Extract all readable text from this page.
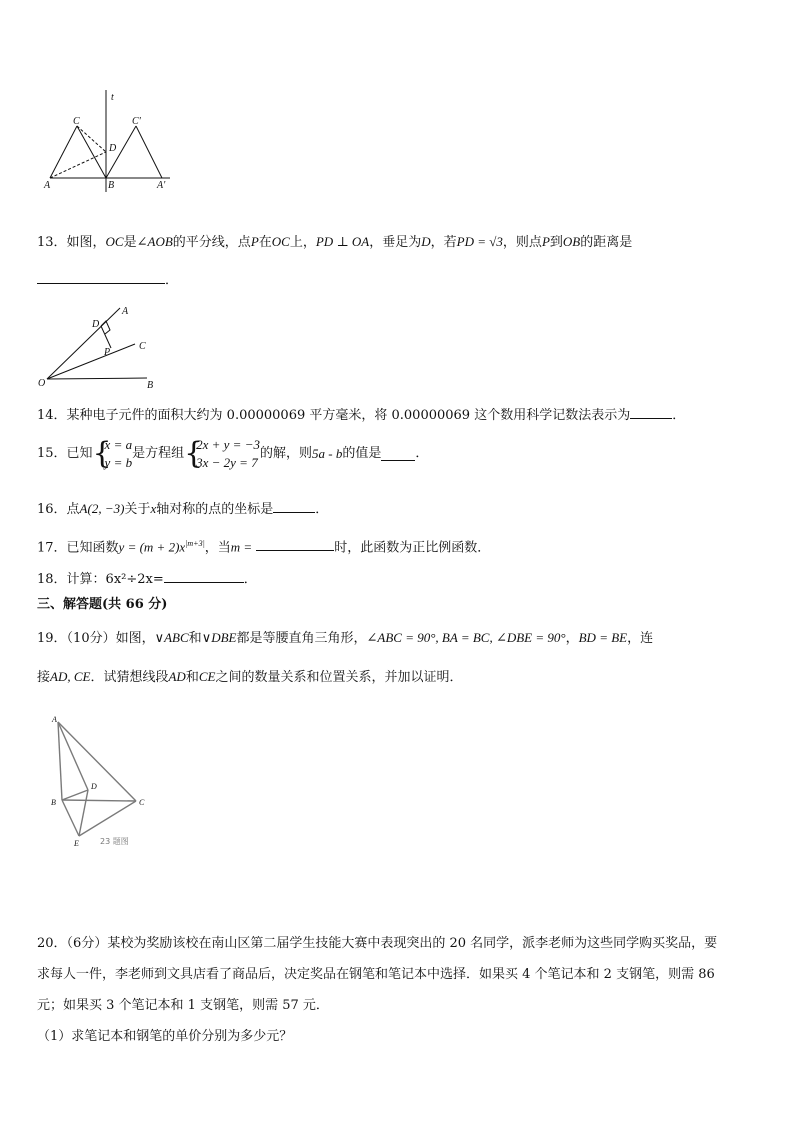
t
C	C'
D
A	B	A'
13．如图，OC是∠AOB的平分线，点P在OC上，PD ⊥ OA，垂足为D，若PD = √3，则点P到OB的距离是
．
A
D
C
P
O	B
14．某种电子元件的面积大约为 0.00000069 平方毫米，将 0.00000069 这个数用科学记数法表示为	．
15．已知 {
x = a
y = b
是方程组 {
2x + y = −3
3x − 2y = 7
的解，则5a - b的值是	．
16．点A(2, −3)关于x轴对称的点的坐标是	．
17．已知函数$y = (m + 2)x^{|m+3|}$，当m =	时，此函数为正比例函数．
18．计算：6x²÷2x=	．
三、解答题(共 66 分)
19．（10分）如图，∨ABC和∨DBE都是等腰直角三角形，∠ABC = 90°, BA = BC, ∠DBE = 90°，BD = BE，连
接AD, CE．试猜想线段AD和CE之间的数量关系和位置关系，并加以证明．
A
D
B	C
E	23 题图
20．（6分）某校为奖励该校在南山区第二届学生技能大赛中表现突出的 20 名同学，派李老师为这些同学购买奖品，要
求每人一件，李老师到文具店看了商品后，决定奖品在钢笔和笔记本中选择．如果买 4 个笔记本和 2 支钢笔，则需 86
元；如果买 3 个笔记本和 1 支钢笔，则需 57 元．
（1）求笔记本和钢笔的单价分别为多少元？
